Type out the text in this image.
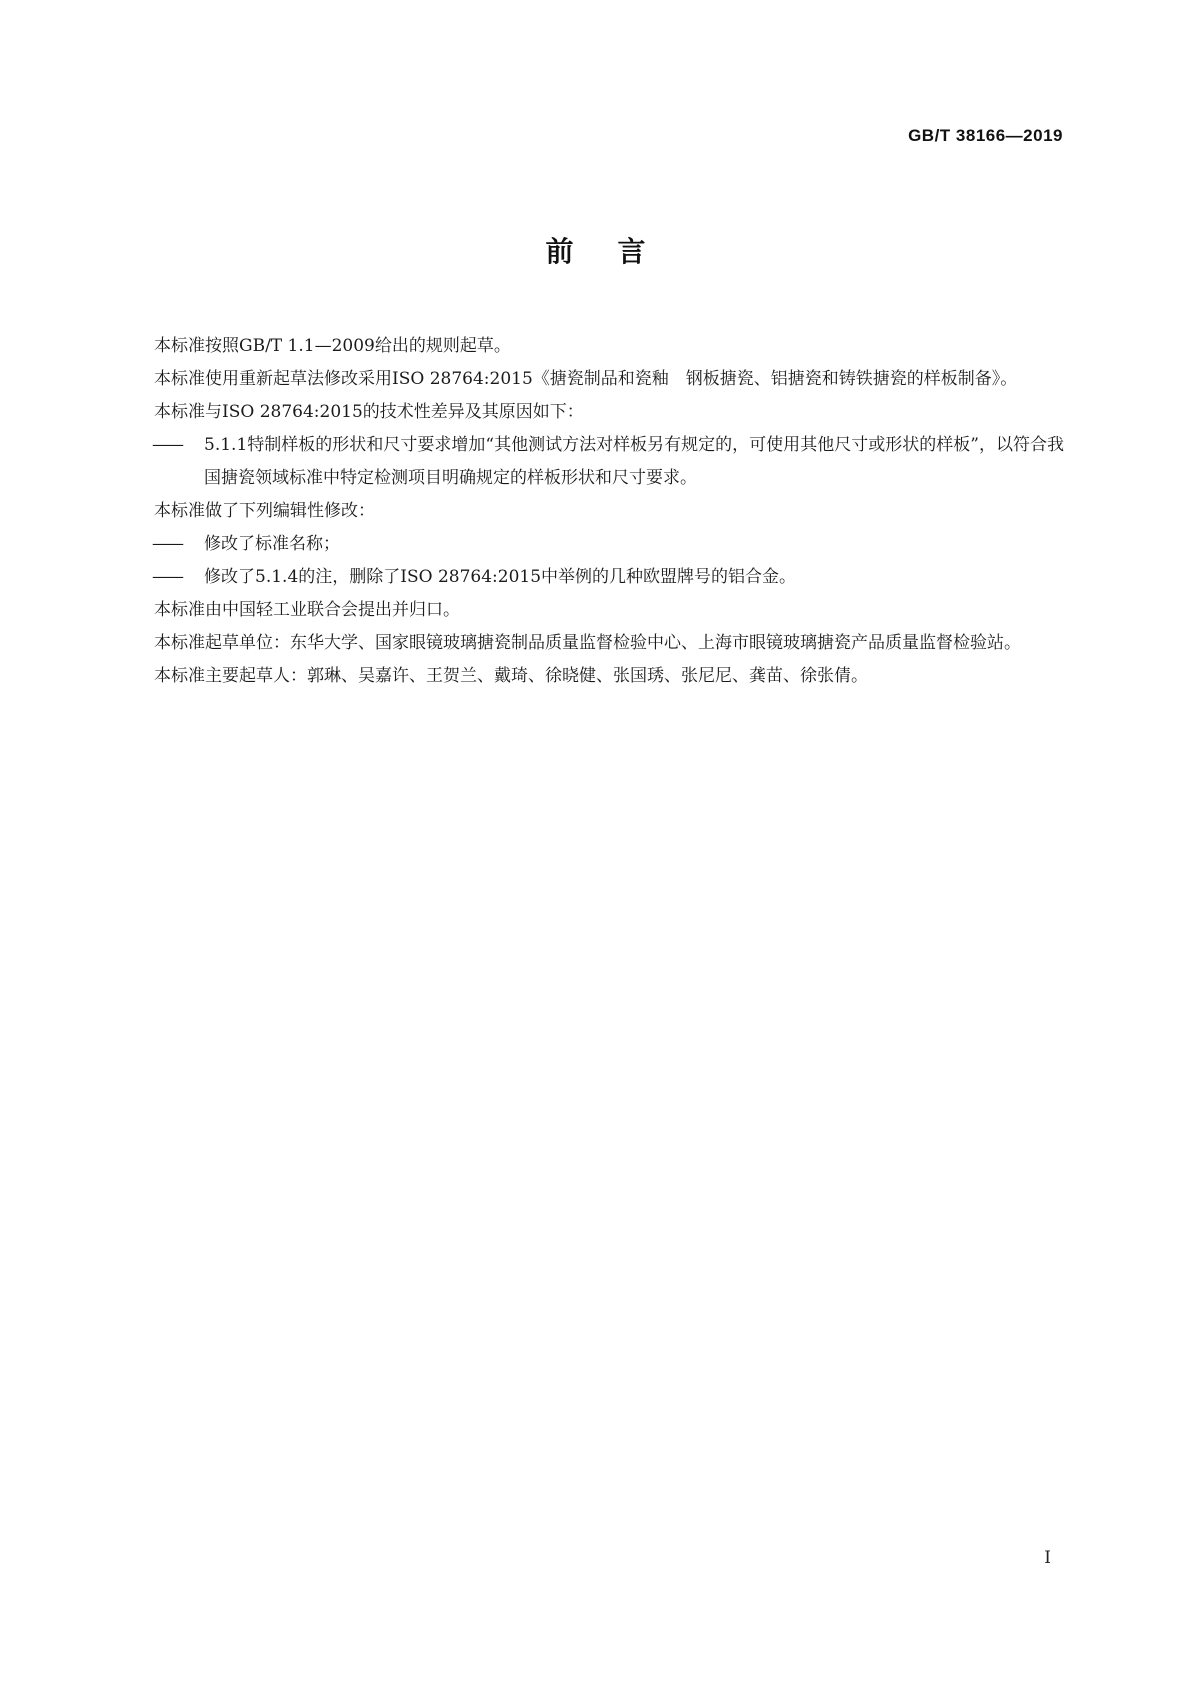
GB/T 38166—2019
前言

本标准按照GB/T 1.1—2009给出的规则起草。

本标准使用重新起草法修改采用ISO 28764:2015《搪瓷制品和瓷釉　钢板搪瓷、铝搪瓷和铸铁搪瓷的样板制备》。

本标准与ISO 28764:2015的技术性差异及其原因如下：

—— 5.1.1特制样板的形状和尺寸要求增加“其他测试方法对样板另有规定的，可使用其他尺寸或形状的样板”，以符合我国搪瓷领域标准中特定检测项目明确规定的样板形状和尺寸要求。

本标准做了下列编辑性修改：

—— 修改了标准名称；

—— 修改了5.1.4的注，删除了ISO 28764:2015中举例的几种欧盟牌号的铝合金。

本标准由中国轻工业联合会提出并归口。

本标准起草单位：东华大学、国家眼镜玻璃搪瓷制品质量监督检验中心、上海市眼镜玻璃搪瓷产品质量监督检验站。

本标准主要起草人：郭琳、吴嘉许、王贺兰、戴琦、徐晓健、张国琇、张尼尼、龚苗、徐张倩。

I
